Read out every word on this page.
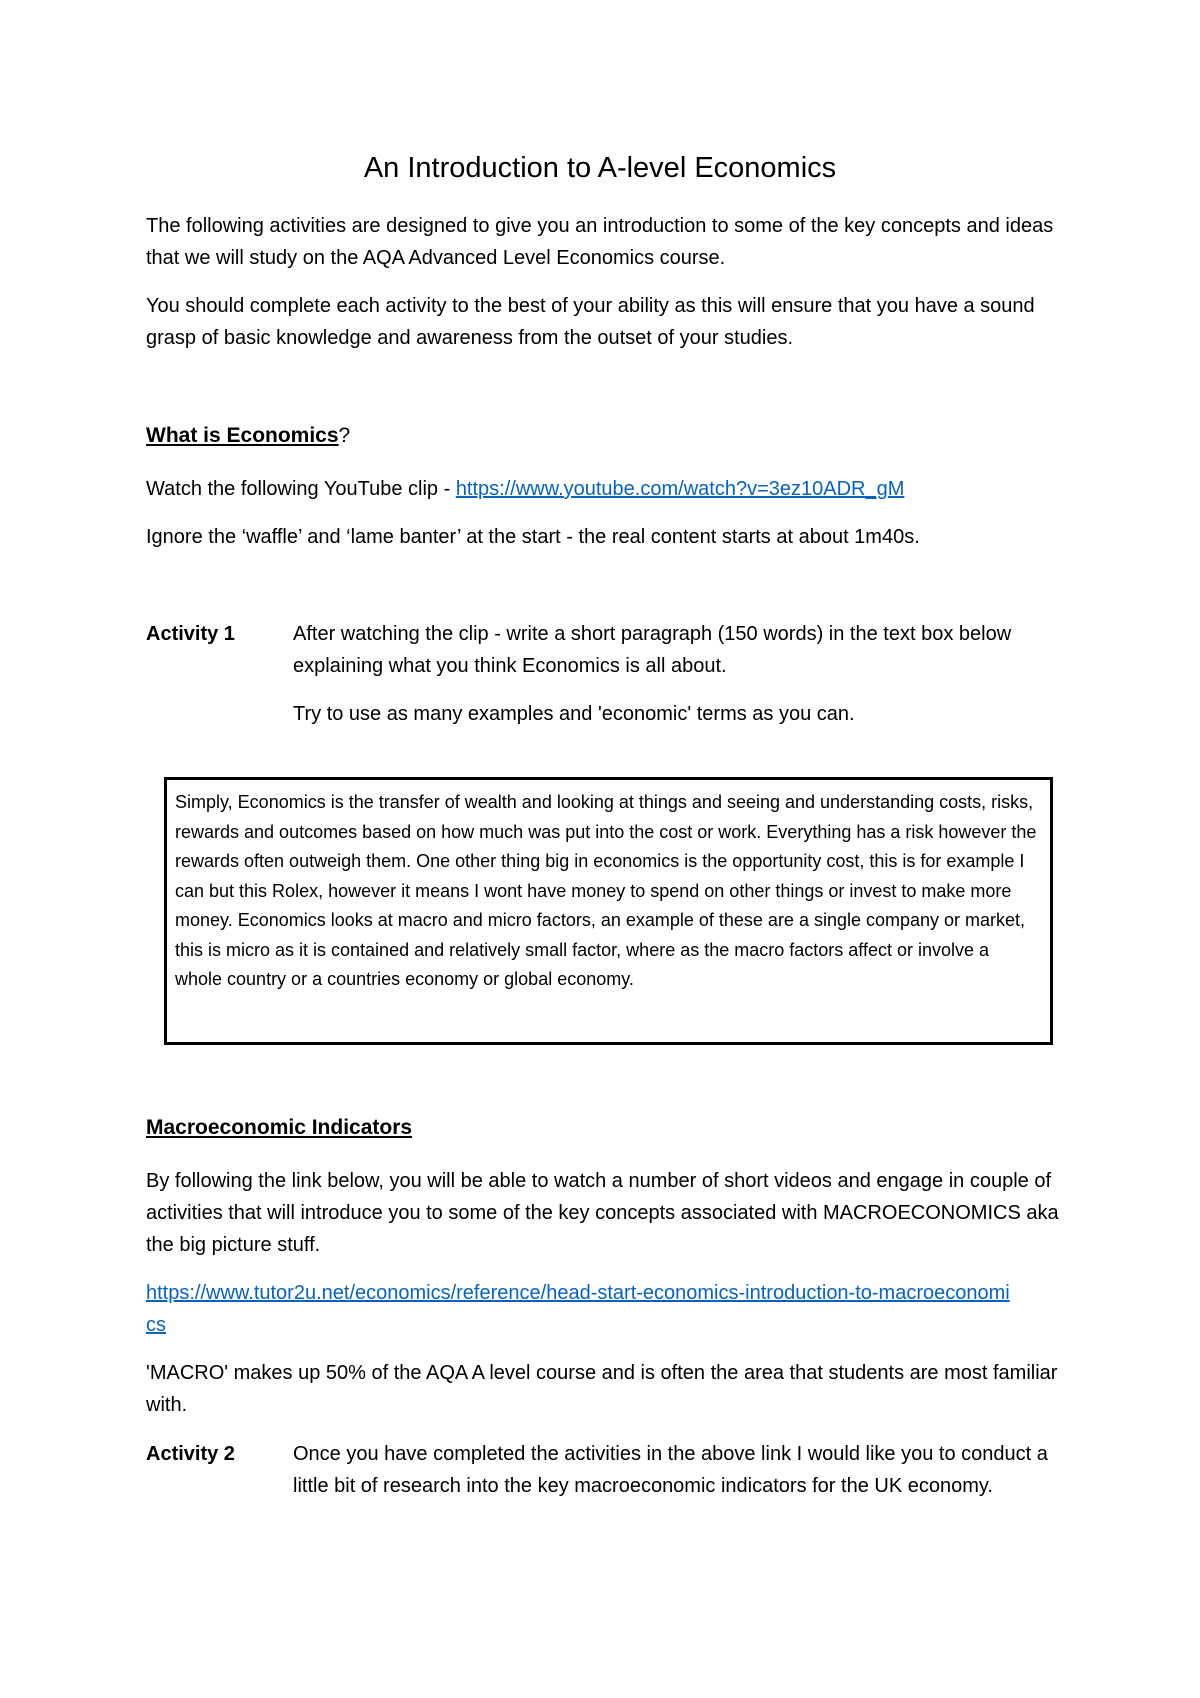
An Introduction to A-level Economics
The following activities are designed to give you an introduction to some of the key concepts and ideas that we will study on the AQA Advanced Level Economics course.
You should complete each activity to the best of your ability as this will ensure that you have a sound grasp of basic knowledge and awareness from the outset of your studies.
What is Economics?
Watch the following YouTube clip - https://www.youtube.com/watch?v=3ez10ADR_gM
Ignore the ‘waffle’ and ‘lame banter’ at the start - the real content starts at about 1m40s.
Activity 1	After watching the clip - write a short paragraph (150 words) in the text box below explaining what you think Economics is all about.
Try to use as many examples and 'economic' terms as you can.
Simply, Economics is the transfer of wealth and looking at things and seeing and understanding costs, risks, rewards and outcomes based on how much was put into the cost or work. Everything has a risk however the rewards often outweigh them. One other thing big in economics is the opportunity cost, this is for example I can but this Rolex, however it means I wont have money to spend on other things or invest to make more money. Economics looks at macro and micro factors, an example of these are a single company or market, this is micro as it is contained and relatively small factor, where as the macro factors affect or involve a whole country or a countries economy or global economy.
Macroeconomic Indicators
By following the link below, you will be able to watch a number of short videos and engage in couple of activities that will introduce you to some of the key concepts associated with MACROECONOMICS aka the big picture stuff.
https://www.tutor2u.net/economics/reference/head-start-economics-introduction-to-macroeconomics
'MACRO' makes up 50% of the AQA A level course and is often the area that students are most familiar with.
Activity 2	Once you have completed the activities in the above link I would like you to conduct a little bit of research into the key macroeconomic indicators for the UK economy.
